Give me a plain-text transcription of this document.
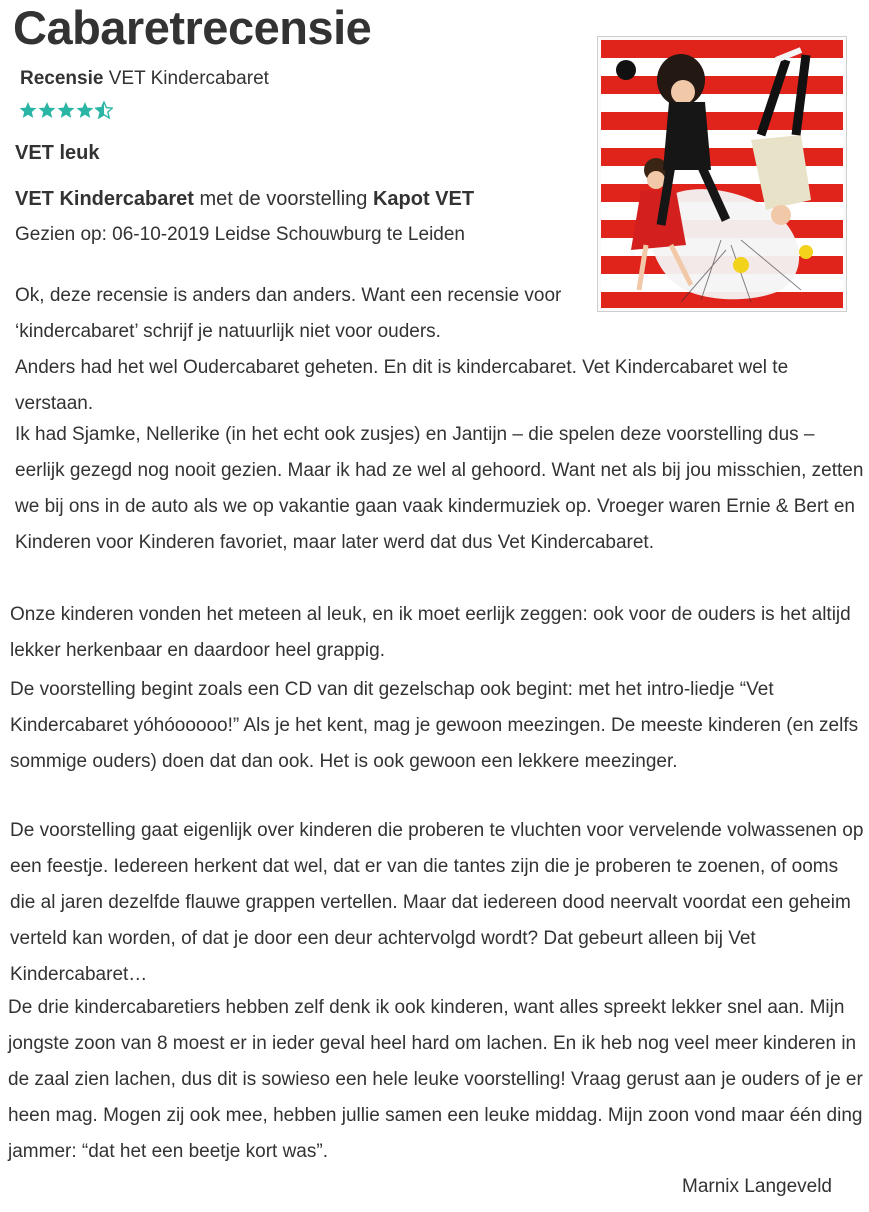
Cabaretrecensie
Recensie VET Kindercabaret
VET leuk
VET Kindercabaret met de voorstelling Kapot VET
Gezien op: 06-10-2019 Leidse Schouwburg te Leiden

Ok, deze recensie is anders dan anders. Want een recensie voor ‘kindercabaret’ schrijf je natuurlijk niet voor ouders.

Anders had het wel Oudercabaret geheten. En dit is kindercabaret. Vet Kindercabaret wel te verstaan.

Ik had Sjamke, Nellerike (in het echt ook zusjes) en Jantijn – die spelen deze voorstelling dus – eerlijk gezegd nog nooit gezien. Maar ik had ze wel al gehoord. Want net als bij jou misschien, zetten we bij ons in de auto als we op vakantie gaan vaak kindermuziek op. Vroeger waren Ernie & Bert en Kinderen voor Kinderen favoriet, maar later werd dat dus Vet Kindercabaret.

Onze kinderen vonden het meteen al leuk, en ik moet eerlijk zeggen: ook voor de ouders is het altijd lekker herkenbaar en daardoor heel grappig.

De voorstelling begint zoals een CD van dit gezelschap ook begint: met het intro-liedje “Vet Kindercabaret yóhóooooo!” Als je het kent, mag je gewoon meezingen. De meeste kinderen (en zelfs sommige ouders) doen dat dan ook. Het is ook gewoon een lekkere meezinger.

De voorstelling gaat eigenlijk over kinderen die proberen te vluchten voor vervelende volwassenen op een feestje. Iedereen herkent dat wel, dat er van die tantes zijn die je proberen te zoenen, of ooms die al jaren dezelfde flauwe grappen vertellen. Maar dat iedereen dood neervalt voordat een geheim verteld kan worden, of dat je door een deur achtervolgd wordt? Dat gebeurt alleen bij Vet Kindercabaret…

De drie kindercabaretiers hebben zelf denk ik ook kinderen, want alles spreekt lekker snel aan. Mijn jongste zoon van 8 moest er in ieder geval heel hard om lachen. En ik heb nog veel meer kinderen in de zaal zien lachen, dus dit is sowieso een hele leuke voorstelling! Vraag gerust aan je ouders of je er heen mag. Mogen zij ook mee, hebben jullie samen een leuke middag. Mijn zoon vond maar één ding jammer: “dat het een beetje kort was”.

Marnix Langeveld
